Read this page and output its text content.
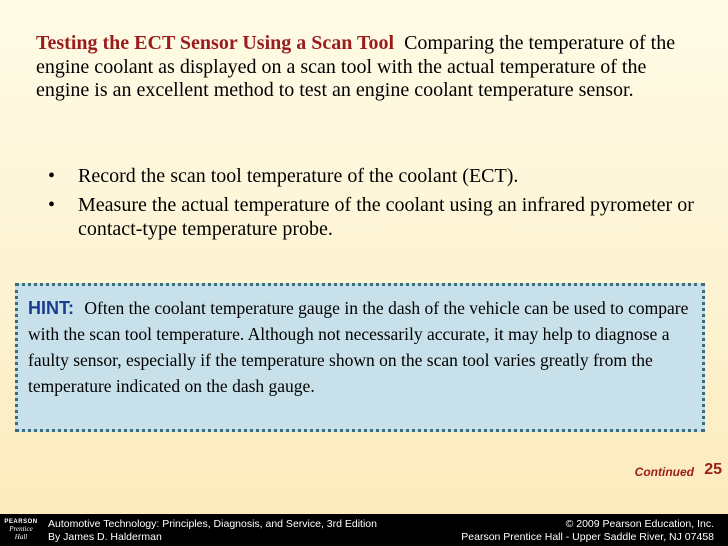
Testing the ECT Sensor Using a Scan Tool Comparing the temperature of the engine coolant as displayed on a scan tool with the actual temperature of the engine is an excellent method to test an engine coolant temperature sensor.
• Record the scan tool temperature of the coolant (ECT).
• Measure the actual temperature of the coolant using an infrared pyrometer or contact-type temperature probe.
HINT: Often the coolant temperature gauge in the dash of the vehicle can be used to compare with the scan tool temperature. Although not necessarily accurate, it may help to diagnose a faulty sensor, especially if the temperature shown on the scan tool varies greatly from the temperature indicated on the dash gauge.
Continued 25
PEARSON
Prentice
Hall
Automotive Technology: Principles, Diagnosis, and Service, 3rd Edition
By James D. Halderman
© 2009 Pearson Education, Inc.
Pearson Prentice Hall - Upper Saddle River, NJ 07458
